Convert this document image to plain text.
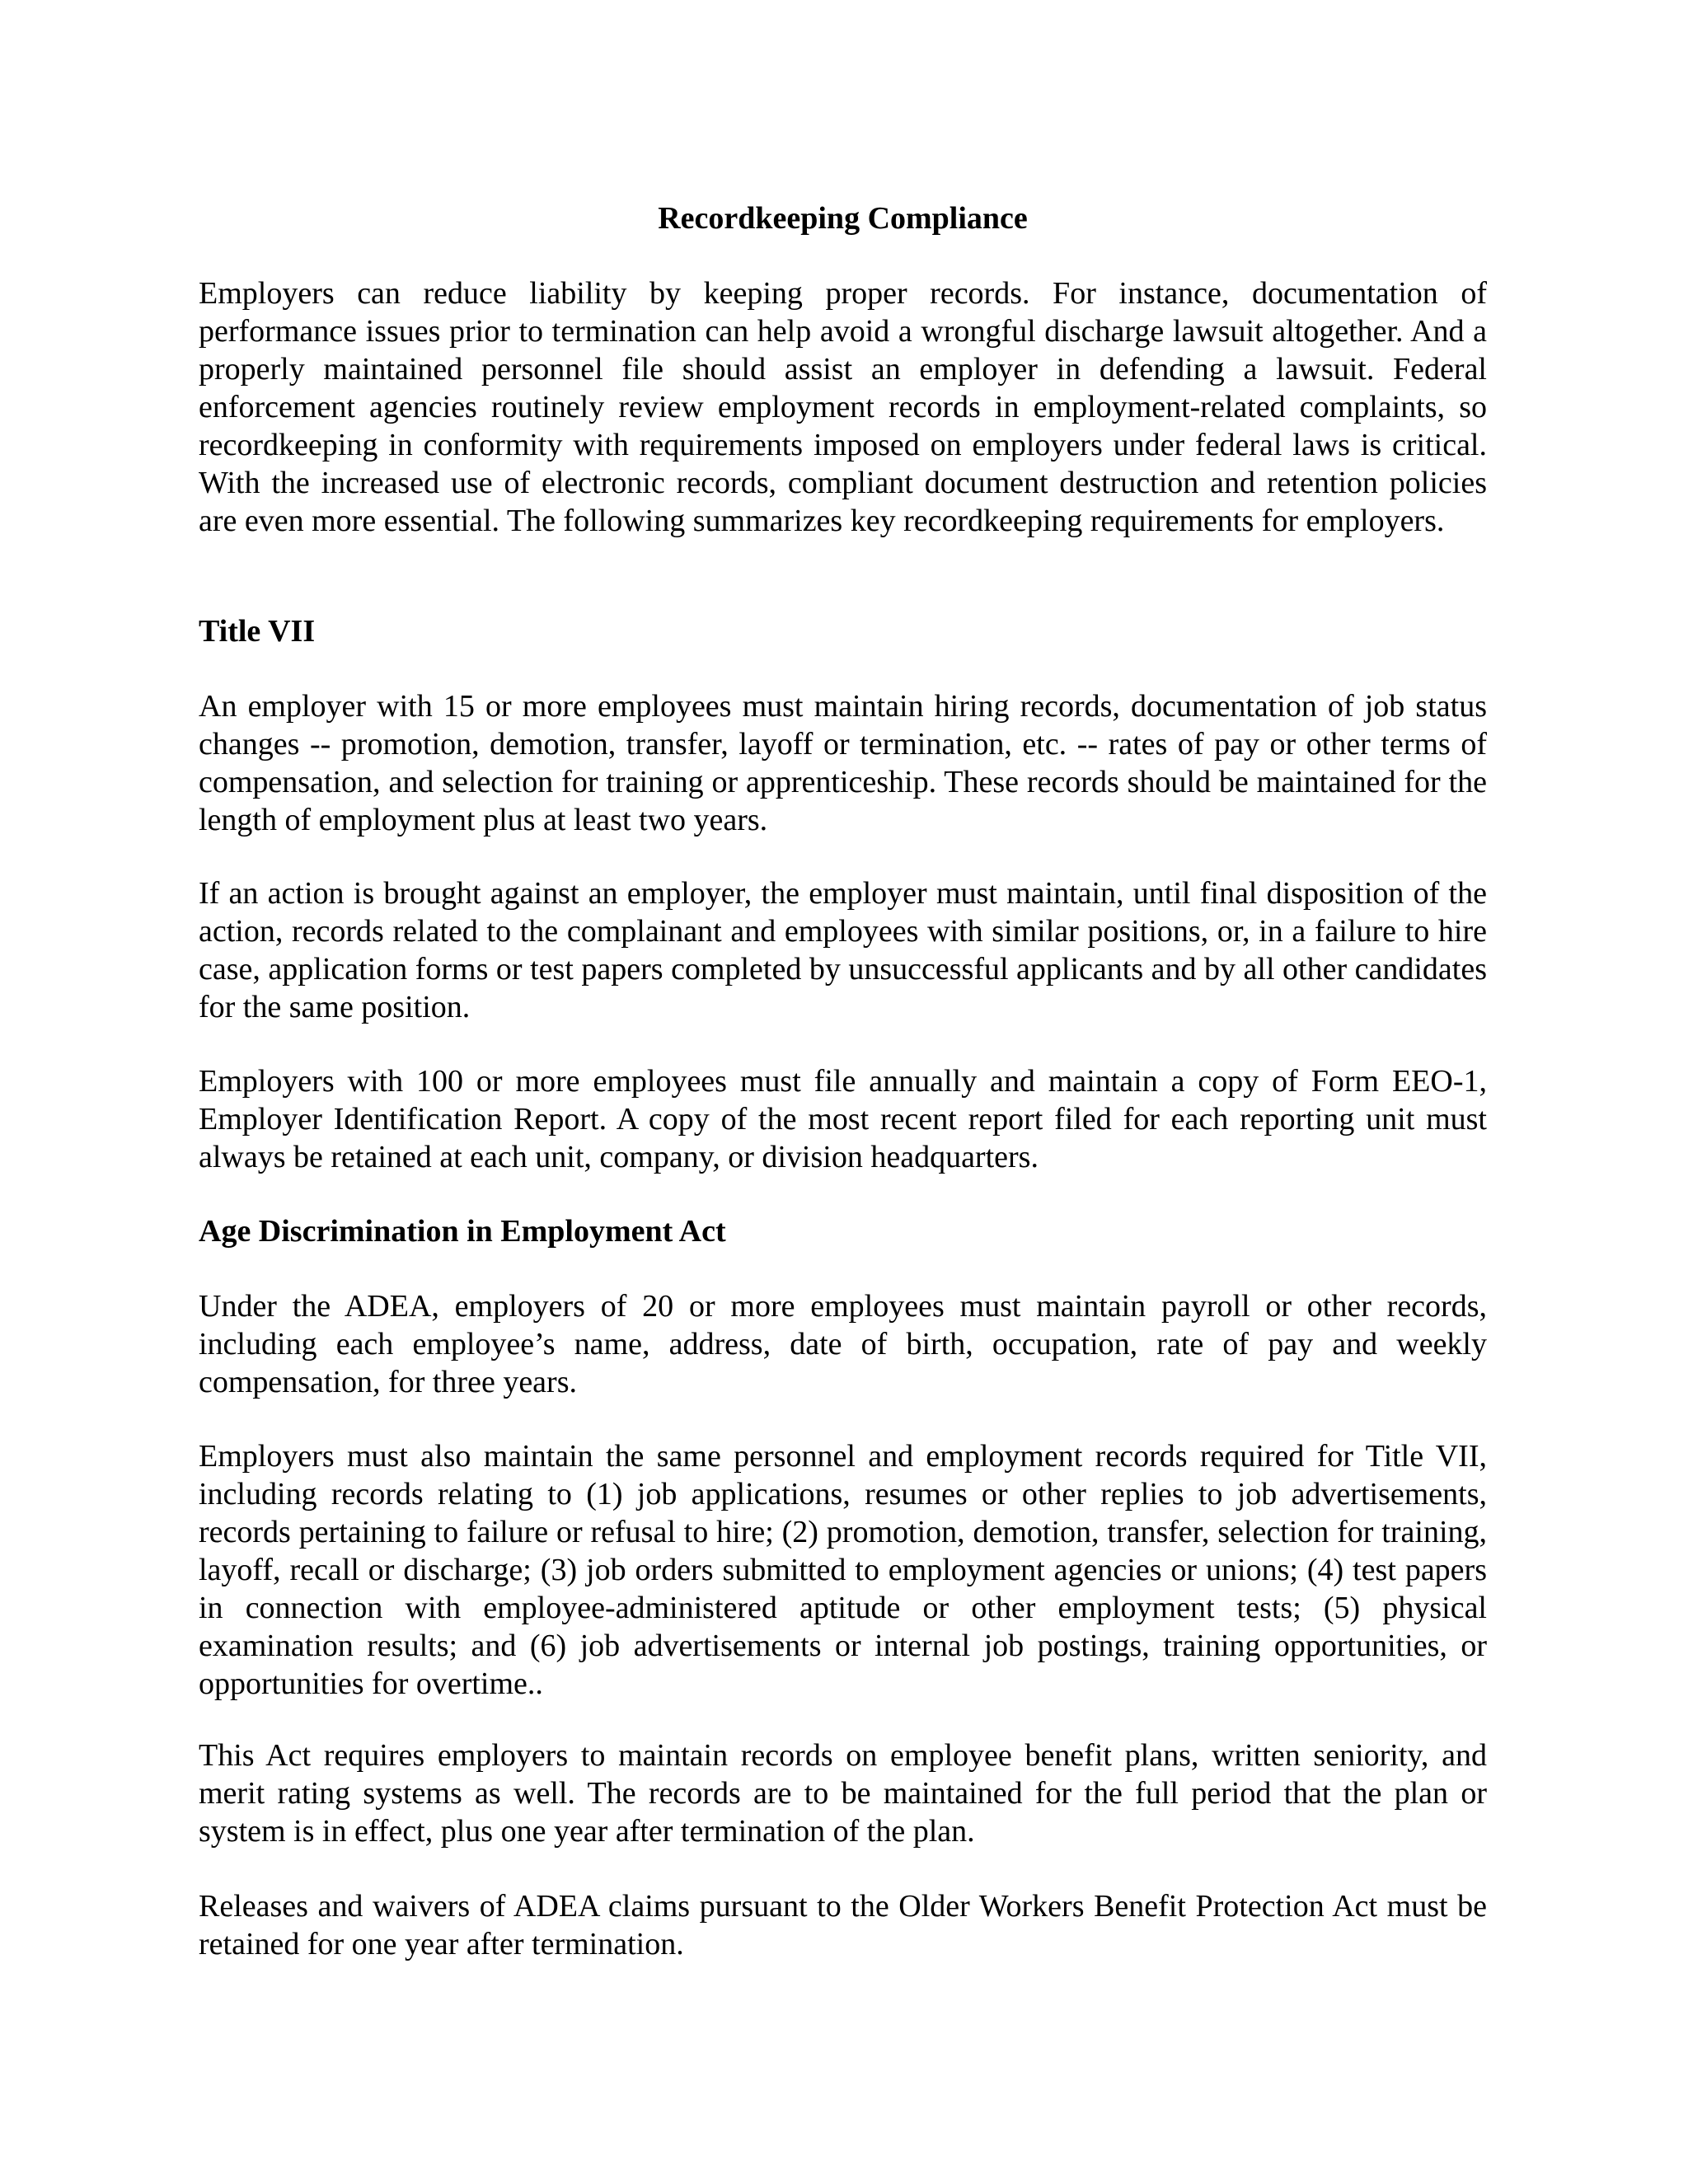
Recordkeeping Compliance

Employers can reduce liability by keeping proper records. For instance, documentation of performance issues prior to termination can help avoid a wrongful discharge lawsuit altogether. And a properly maintained personnel file should assist an employer in defending a lawsuit. Federal enforcement agencies routinely review employment records in employment-related complaints, so recordkeeping in conformity with requirements imposed on employers under federal laws is critical. With the increased use of electronic records, compliant document destruction and retention policies are even more essential. The following summarizes key recordkeeping requirements for employers.

Title VII

An employer with 15 or more employees must maintain hiring records, documentation of job status changes -- promotion, demotion, transfer, layoff or termination, etc. -- rates of pay or other terms of compensation, and selection for training or apprenticeship. These records should be maintained for the length of employment plus at least two years.

If an action is brought against an employer, the employer must maintain, until final disposition of the action, records related to the complainant and employees with similar positions, or, in a failure to hire case, application forms or test papers completed by unsuccessful applicants and by all other candidates for the same position.

Employers with 100 or more employees must file annually and maintain a copy of Form EEO-1, Employer Identification Report. A copy of the most recent report filed for each reporting unit must always be retained at each unit, company, or division headquarters.

Age Discrimination in Employment Act

Under the ADEA, employers of 20 or more employees must maintain payroll or other records, including each employee’s name, address, date of birth, occupation, rate of pay and weekly compensation, for three years.

Employers must also maintain the same personnel and employment records required for Title VII, including records relating to (1) job applications, resumes or other replies to job advertisements, records pertaining to failure or refusal to hire; (2) promotion, demotion, transfer, selection for training, layoff, recall or discharge; (3) job orders submitted to employment agencies or unions; (4) test papers in connection with employee-administered aptitude or other employment tests; (5) physical examination results; and (6) job advertisements or internal job postings, training opportunities, or opportunities for overtime..

This Act requires employers to maintain records on employee benefit plans, written seniority, and merit rating systems as well. The records are to be maintained for the full period that the plan or system is in effect, plus one year after termination of the plan.

Releases and waivers of ADEA claims pursuant to the Older Workers Benefit Protection Act must be retained for one year after termination.
